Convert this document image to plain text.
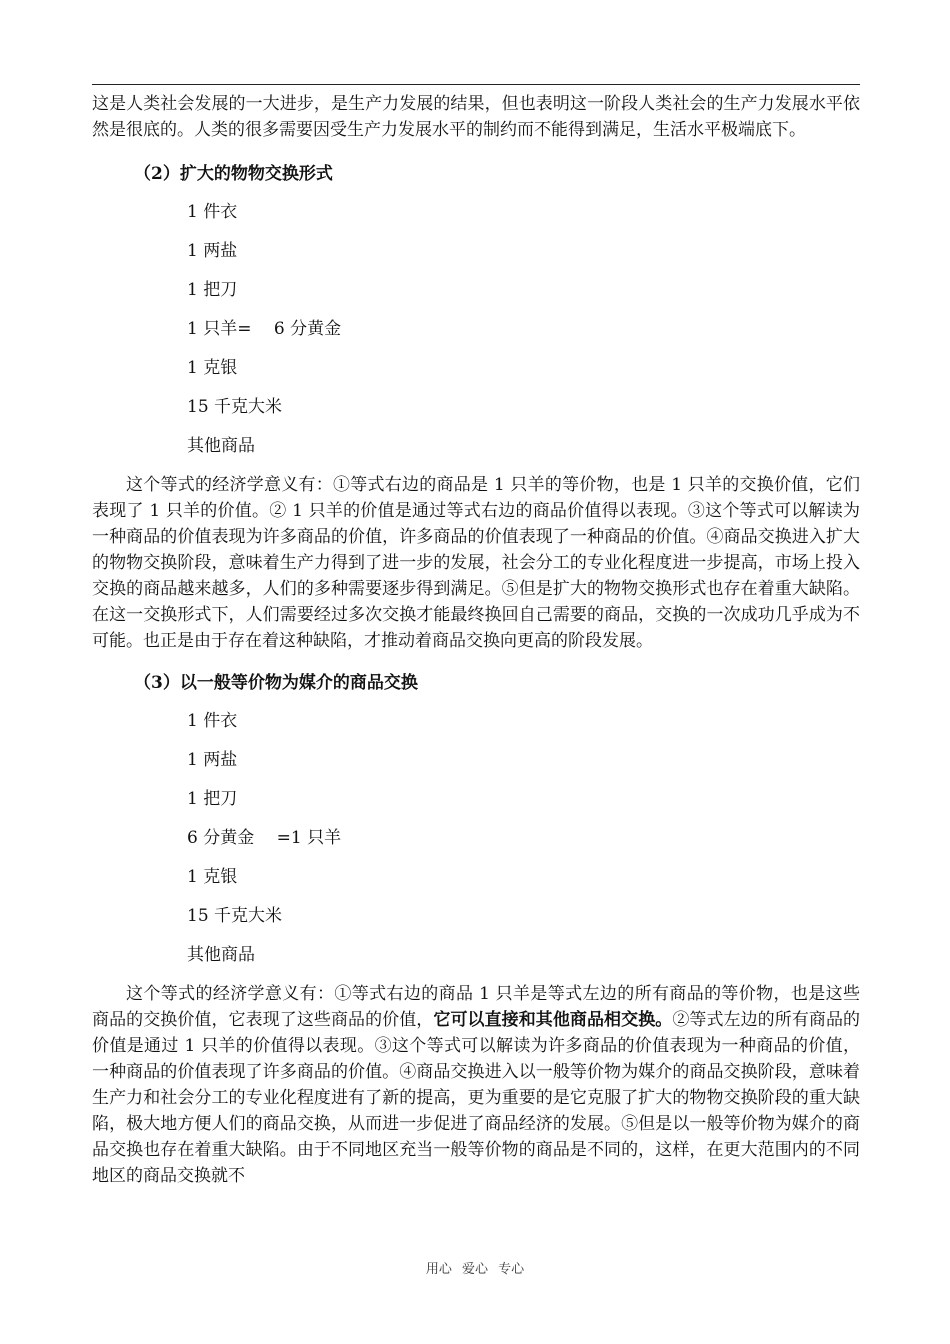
这是人类社会发展的一大进步，是生产力发展的结果，但也表明这一阶段人类社会的生产力发展水平依然是很底的。人类的很多需要因受生产力发展水平的制约而不能得到满足，生活水平极端底下。

（2）扩大的物物交换形式

1 件衣
1 两盐
1 把刀
1 只羊=　 6 分黄金
1 克银
15 千克大米
其他商品

这个等式的经济学意义有：①等式右边的商品是 1 只羊的等价物，也是 1 只羊的交换价值，它们表现了 1 只羊的价值。② 1 只羊的价值是通过等式右边的商品价值得以表现。③这个等式可以解读为一种商品的价值表现为许多商品的价值，许多商品的价值表现了一种商品的价值。④商品交换进入扩大的物物交换阶段，意味着生产力得到了进一步的发展，社会分工的专业化程度进一步提高，市场上投入交换的商品越来越多，人们的多种需要逐步得到满足。⑤但是扩大的物物交换形式也存在着重大缺陷。在这一交换形式下，人们需要经过多次交换才能最终换回自己需要的商品，交换的一次成功几乎成为不可能。也正是由于存在着这种缺陷，才推动着商品交换向更高的阶段发展。

（3）以一般等价物为媒介的商品交换

1 件衣
1 两盐
1 把刀
6 分黄金　 =1 只羊
1 克银
15 千克大米
其他商品

这个等式的经济学意义有：①等式右边的商品 1 只羊是等式左边的所有商品的等价物，也是这些商品的交换价值，它表现了这些商品的价值，它可以直接和其他商品相交换。②等式左边的所有商品的价值是通过 1 只羊的价值得以表现。③这个等式可以解读为许多商品的价值表现为一种商品的价值，一种商品的价值表现了许多商品的价值。④商品交换进入以一般等价物为媒介的商品交换阶段，意味着生产力和社会分工的专业化程度进有了新的提高，更为重要的是它克服了扩大的物物交换阶段的重大缺陷，极大地方便人们的商品交换，从而进一步促进了商品经济的发展。⑤但是以一般等价物为媒介的商品交换也存在着重大缺陷。由于不同地区充当一般等价物的商品是不同的，这样，在更大范围内的不同地区的商品交换就不

用心 爱心 专心
